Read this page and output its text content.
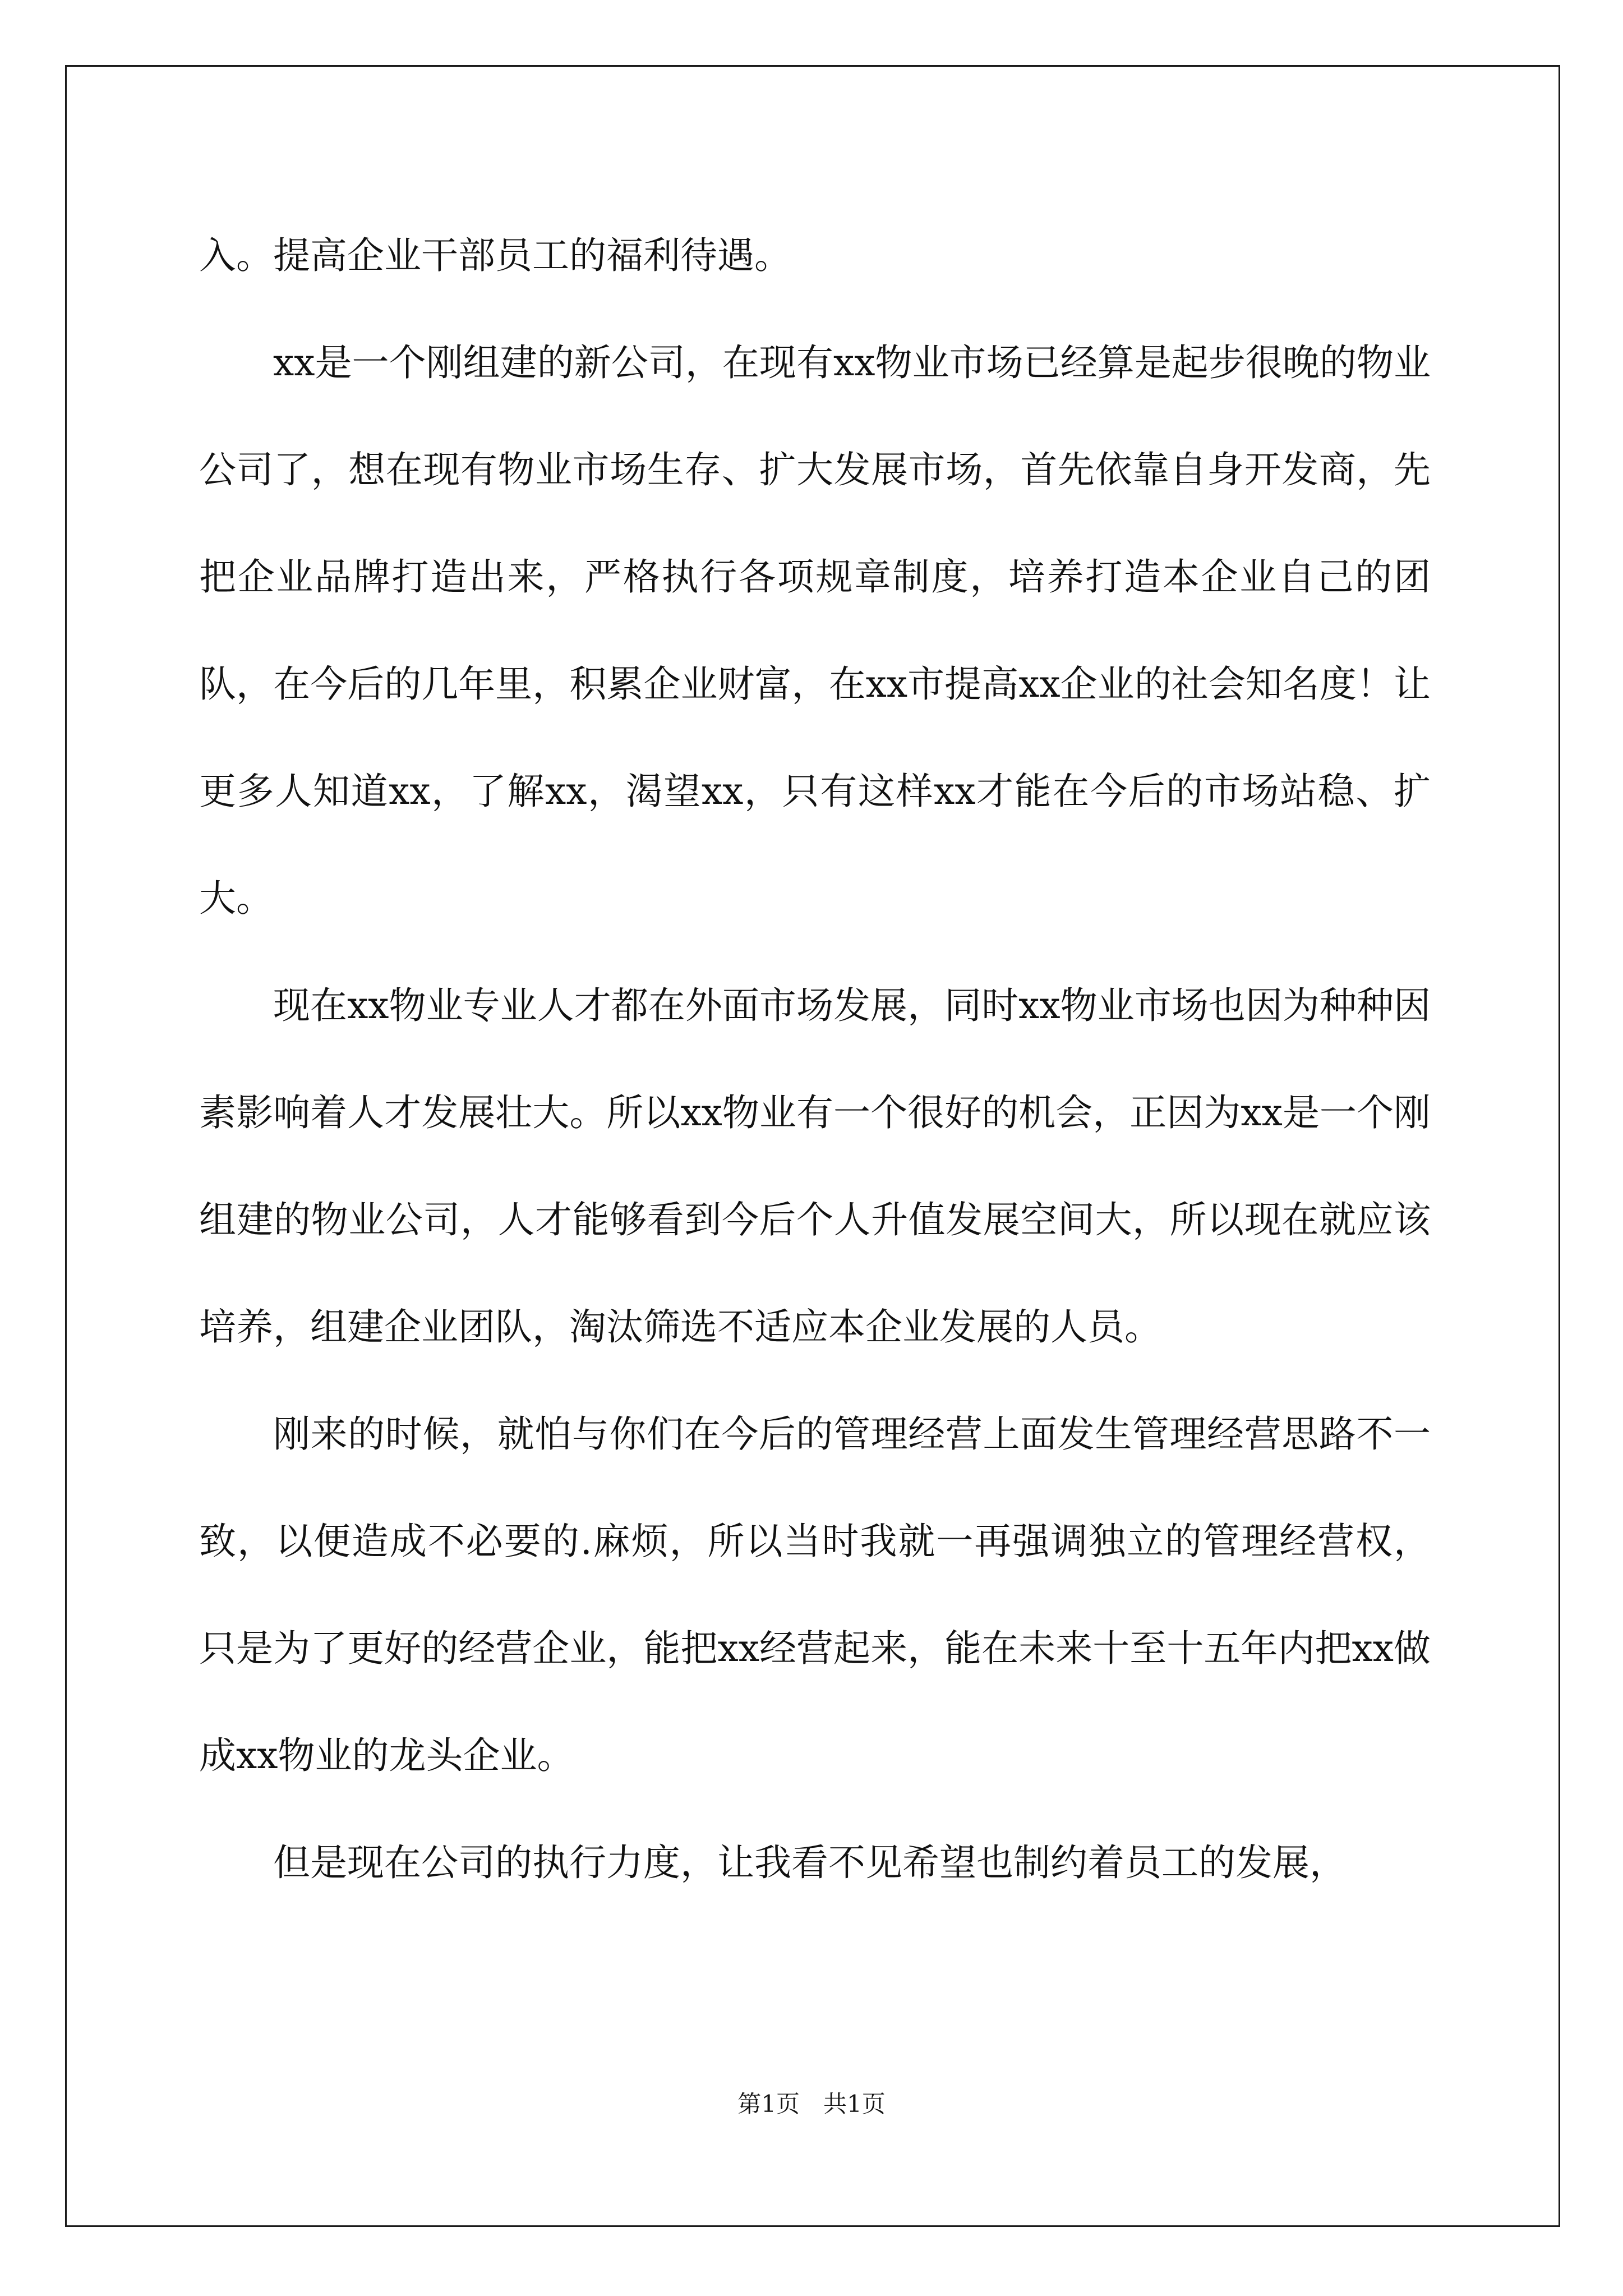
入。提高企业干部员工的福利待遇。

xx是一个刚组建的新公司，在现有xx物业市场已经算是起步很晚的物业公司了，想在现有物业市场生存、扩大发展市场，首先依靠自身开发商，先把企业品牌打造出来，严格执行各项规章制度，培养打造本企业自己的团队，在今后的几年里，积累企业财富，在xx市提高xx企业的社会知名度！让更多人知道xx，了解xx，渴望xx，只有这样xx才能在今后的市场站稳、扩大。

现在xx物业专业人才都在外面市场发展，同时xx物业市场也因为种种因素影响着人才发展壮大。所以xx物业有一个很好的机会，正因为xx是一个刚组建的物业公司，人才能够看到今后个人升值发展空间大，所以现在就应该培养，组建企业团队，淘汰筛选不适应本企业发展的人员。

刚来的时候，就怕与你们在今后的管理经营上面发生管理经营思路不一致，以便造成不必要的.麻烦，所以当时我就一再强调独立的管理经营权，只是为了更好的经营企业，能把xx经营起来，能在未来十至十五年内把xx做成xx物业的龙头企业。

但是现在公司的执行力度，让我看不见希望也制约着员工的发展，

第1页　共1页
